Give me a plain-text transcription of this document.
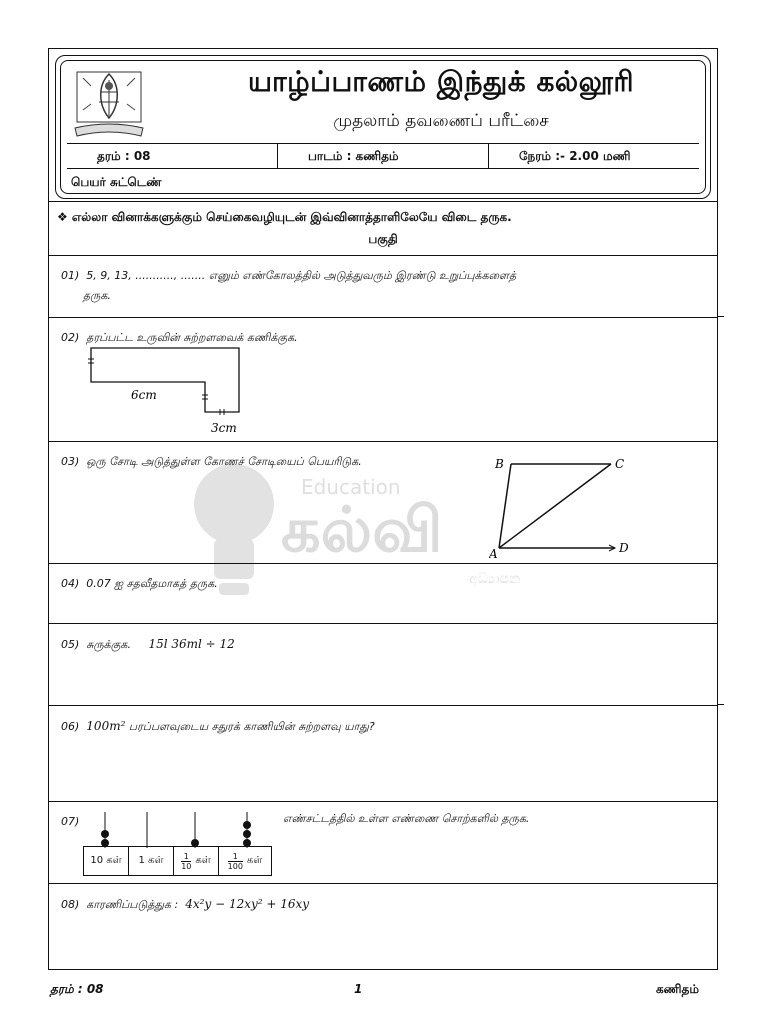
யாழ்ப்பாணம் இந்துக் கல்லூரி
முதலாம் தவணைப் பரீட்சை
தரம் : 08	பாடம் : கணிதம்	நேரம் :- 2.00 மணி
பெயர் சுட்டெண்
❖ எல்லா வினாக்களுக்கும் செய்கைவழியுடன் இவ்வினாத்தாளிலேயே விடை தருக.
பகுதி
Education
கல்வி
අධ්‍යාපන
01) 5, 9, 13, ..........., ....... எனும் எண்கோலத்தில் அடுத்துவரும் இரண்டு உறுப்புக்களைத்
தருக.
02) தரப்பட்ட உருவின் சுற்றளவைக் கணிக்குக.
6cm
3cm
03) ஒரு சோடி அடுத்துள்ள கோணச் சோடியைப் பெயரிடுக.	B	C
A	D
04) 0.07 ஐ சதவீதமாகத் தருக.
05) சுருக்குக. 15l 36ml ÷ 12
06) 100m² பரப்பளவுடைய சதுரக் காணியின் சுற்றளவு யாது?
07)	எண்சட்டத்தில் உள்ள எண்ணை சொற்களில் தருக.
10 கள்	1 கள்	$\frac{1}{10}$ கள் $\frac{1}{100}$ கள்
08) காரணிப்படுத்துக : 4x²y − 12xy² + 16xy
தரம் : 08	1	கணிதம்
